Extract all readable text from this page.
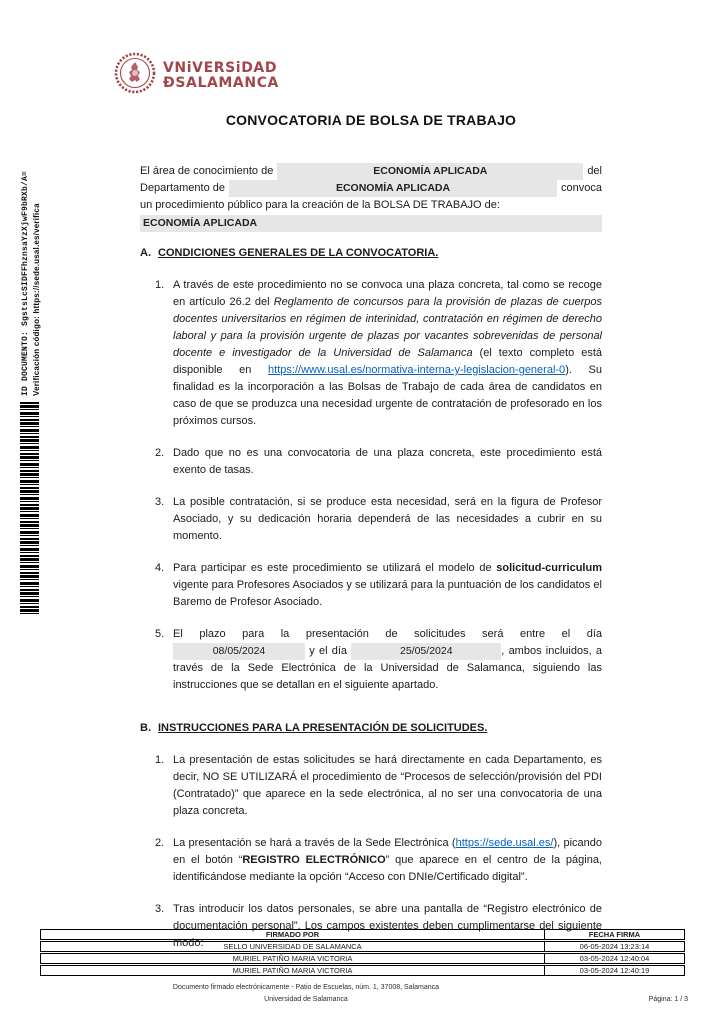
ID DOCUMENTO: SgstsLcSIDFFhznsaYzXjwF9bRXb/A= Verificación código: https://sede.usal.es/verifica
VNiVERSiDAD
ĐSALAMANCA
CONVOCATORIA DE BOLSA DE TRABAJO
El área de conocimiento de	ECONOMÍA APLICADA	del
Departamento de	ECONOMÍA APLICADA	convoca
un procedimiento público para la creación de la BOLSA DE TRABAJO de:
ECONOMÍA APLICADA
A. CONDICIONES GENERALES DE LA CONVOCATORIA.
1. A través de este procedimiento no se convoca una plaza concreta, tal como se recoge en artículo 26.2 del Reglamento de concursos para la provisión de plazas de cuerpos docentes universitarios en régimen de interinidad, contratación en régimen de derecho laboral y para la provisión urgente de plazas por vacantes sobrevenidas de personal docente e investigador de la Universidad de Salamanca (el texto completo está disponible en https://www.usal.es/normativa-interna-y-legislacion-general-0). Su finalidad es la incorporación a las Bolsas de Trabajo de cada área de candidatos en caso de que se produzca una necesidad urgente de contratación de profesorado en los próximos cursos.
2. Dado que no es una convocatoria de una plaza concreta, este procedimiento está exento de tasas.
3. La posible contratación, si se produce esta necesidad, será en la figura de Profesor Asociado, y su dedicación horaria dependerá de las necesidades a cubrir en su momento.
4. Para participar es este procedimiento se utilizará el modelo de solicitud-curriculum vigente para Profesores Asociados y se utilizará para la puntuación de los candidatos el Baremo de Profesor Asociado.
5. El plazo para la presentación de solicitudes será entre el día 08/05/2024	y el día	25/05/2024	, ambos incluidos, a través de la Sede Electrónica de la Universidad de Salamanca, siguiendo las instrucciones que se detallan en el siguiente apartado.
B. INSTRUCCIONES PARA LA PRESENTACIÓN DE SOLICITUDES.
1. La presentación de estas solicitudes se hará directamente en cada Departamento, es decir, NO SE UTILIZARÁ el procedimiento de “Procesos de selección/provisión del PDI (Contratado)” que aparece en la sede electrónica, al no ser una convocatoria de una plaza concreta.
2. La presentación se hará a través de la Sede Electrónica (https://sede.usal.es/), picando en el botón “REGISTRO ELECTRÓNICO” que aparece en el centro de la página, identificándose mediante la opción “Acceso con DNIe/Certificado digital”.
3. Tras introducir los datos personales, se abre una pantalla de “Registro electrónico de documentación personal”. Los campos existentes deben cumplimentarse del siguiente modo:
FIRMADO POR	FECHA FIRMA
SELLO UNIVERSIDAD DE SALAMANCA	06-05-2024 13:23:14
MURIEL PATIÑO MARIA VICTORIA	03-05-2024 12:40:04
MURIEL PATIÑO MARIA VICTORIA	03-05-2024 12:40:19
Documento firmado electrónicamente - Patio de Escuelas, núm. 1, 37008, Salamanca
Universidad de Salamanca	Página: 1 / 3
